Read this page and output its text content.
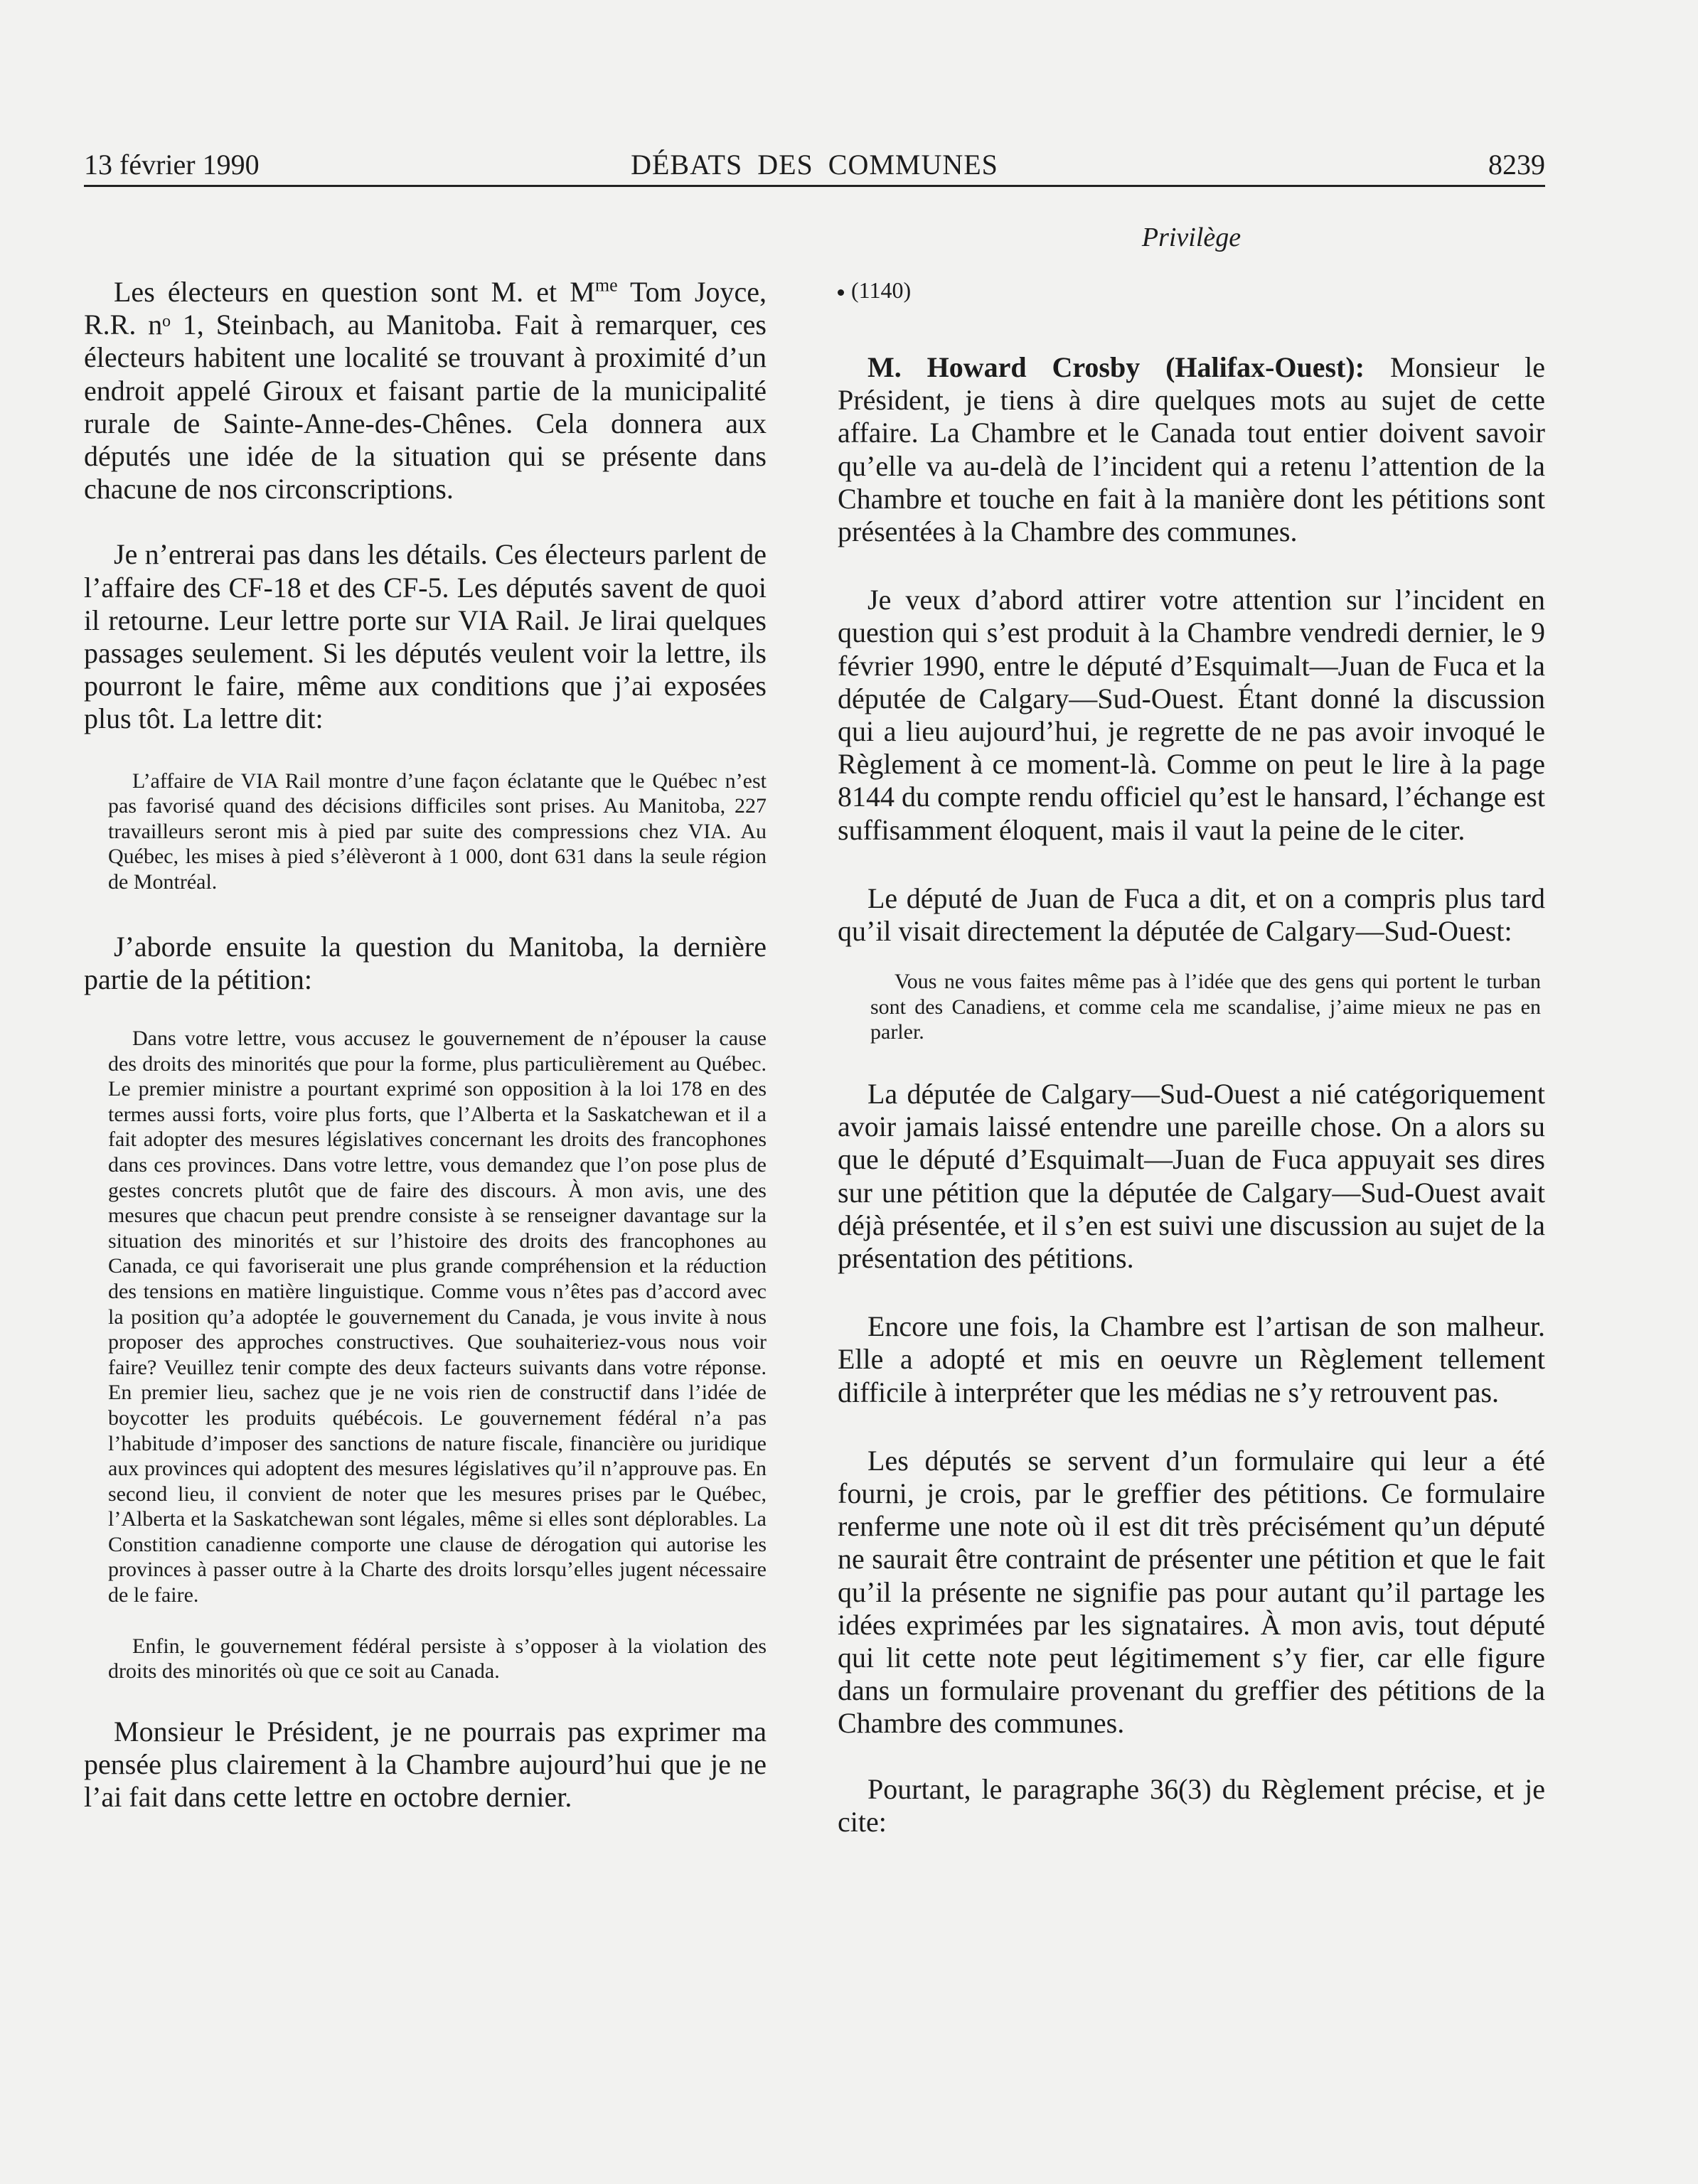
13 février 1990	DÉBATS DES COMMUNES	8239
Privilège

Les électeurs en question sont M. et $M^{me}$ Tom Joyce, R.R. nᵒ 1, Steinbach, au Manitoba. Fait à remarquer, ces électeurs habitent une localité se trouvant à proximité d’un endroit appelé Giroux et faisant partie de la municipalité rurale de Sainte-Anne-des-Chênes. Cela donnera aux députés une idée de la situation qui se présente dans chacune de nos circonscriptions.

Je n’entrerai pas dans les détails. Ces électeurs parlent de l’affaire des CF-18 et des CF-5. Les députés savent de quoi il retourne. Leur lettre porte sur VIA Rail. Je lirai quelques passages seulement. Si les députés veulent voir la lettre, ils pourront le faire, même aux conditions que j’ai exposées plus tôt. La lettre dit:

L’affaire de VIA Rail montre d’une façon éclatante que le Québec n’est pas favorisé quand des décisions difficiles sont prises. Au Manitoba, 227 travailleurs seront mis à pied par suite des compressions chez VIA. Au Québec, les mises à pied s’élèveront à 1 000, dont 631 dans la seule région de Montréal.

J’aborde ensuite la question du Manitoba, la dernière partie de la pétition:

Dans votre lettre, vous accusez le gouvernement de n’épouser la cause des droits des minorités que pour la forme, plus particulièrement au Québec. Le premier ministre a pourtant exprimé son opposition à la loi 178 en des termes aussi forts, voire plus forts, que l’Alberta et la Saskatchewan et il a fait adopter des mesures législatives concernant les droits des francophones dans ces provinces. Dans votre lettre, vous demandez que l’on pose plus de gestes concrets plutôt que de faire des discours. À mon avis, une des mesures que chacun peut prendre consiste à se renseigner davantage sur la situation des minorités et sur l’histoire des droits des francophones au Canada, ce qui favoriserait une plus grande compréhension et la réduction des tensions en matière linguistique. Comme vous n’êtes pas d’accord avec la position qu’a adoptée le gouvernement du Canada, je vous invite à nous proposer des approches constructives. Que souhaiteriez-vous nous voir faire? Veuillez tenir compte des deux facteurs suivants dans votre réponse. En premier lieu, sachez que je ne vois rien de constructif dans l’idée de boycotter les produits québécois. Le gouvernement fédéral n’a pas l’habitude d’imposer des sanctions de nature fiscale, financière ou juridique aux provinces qui adoptent des mesures législatives qu’il n’approuve pas. En second lieu, il convient de noter que les mesures prises par le Québec, l’Alberta et la Saskatchewan sont légales, même si elles sont déplorables. La Constition canadienne comporte une clause de dérogation qui autorise les provinces à passer outre à la Charte des droits lorsqu’elles jugent nécessaire de le faire.

Enfin, le gouvernement fédéral persiste à s’opposer à la violation des droits des minorités où que ce soit au Canada.

Monsieur le Président, je ne pourrais pas exprimer ma pensée plus clairement à la Chambre aujourd’hui que je ne l’ai fait dans cette lettre en octobre dernier.

(1140)

M. Howard Crosby (Halifax-Ouest): Monsieur le Président, je tiens à dire quelques mots au sujet de cette affaire. La Chambre et le Canada tout entier doivent savoir qu’elle va au-delà de l’incident qui a retenu l’attention de la Chambre et touche en fait à la manière dont les pétitions sont présentées à la Chambre des communes.

Je veux d’abord attirer votre attention sur l’incident en question qui s’est produit à la Chambre vendredi dernier, le 9 février 1990, entre le député d’Esquimalt—Juan de Fuca et la députée de Calgary—Sud-Ouest. Étant donné la discussion qui a lieu aujourd’hui, je regrette de ne pas avoir invoqué le Règlement à ce moment-là. Comme on peut le lire à la page 8144 du compte rendu officiel qu’est le hansard, l’échange est suffisamment éloquent, mais il vaut la peine de le citer.

Le député de Juan de Fuca a dit, et on a compris plus tard qu’il visait directement la députée de Calgary—Sud-Ouest:

Vous ne vous faites même pas à l’idée que des gens qui portent le turban sont des Canadiens, et comme cela me scandalise, j’aime mieux ne pas en parler.

La députée de Calgary—Sud-Ouest a nié catégoriquement avoir jamais laissé entendre une pareille chose. On a alors su que le député d’Esquimalt—Juan de Fuca appuyait ses dires sur une pétition que la députée de Calgary—Sud-Ouest avait déjà présentée, et il s’en est suivi une discussion au sujet de la présentation des pétitions.

Encore une fois, la Chambre est l’artisan de son malheur. Elle a adopté et mis en oeuvre un Règlement tellement difficile à interpréter que les médias ne s’y retrouvent pas.

Les députés se servent d’un formulaire qui leur a été fourni, je crois, par le greffier des pétitions. Ce formulaire renferme une note où il est dit très précisément qu’un député ne saurait être contraint de présenter une pétition et que le fait qu’il la présente ne signifie pas pour autant qu’il partage les idées exprimées par les signataires. À mon avis, tout député qui lit cette note peut légitimement s’y fier, car elle figure dans un formulaire provenant du greffier des pétitions de la Chambre des communes.

Pourtant, le paragraphe 36(3) du Règlement précise, et je cite:
